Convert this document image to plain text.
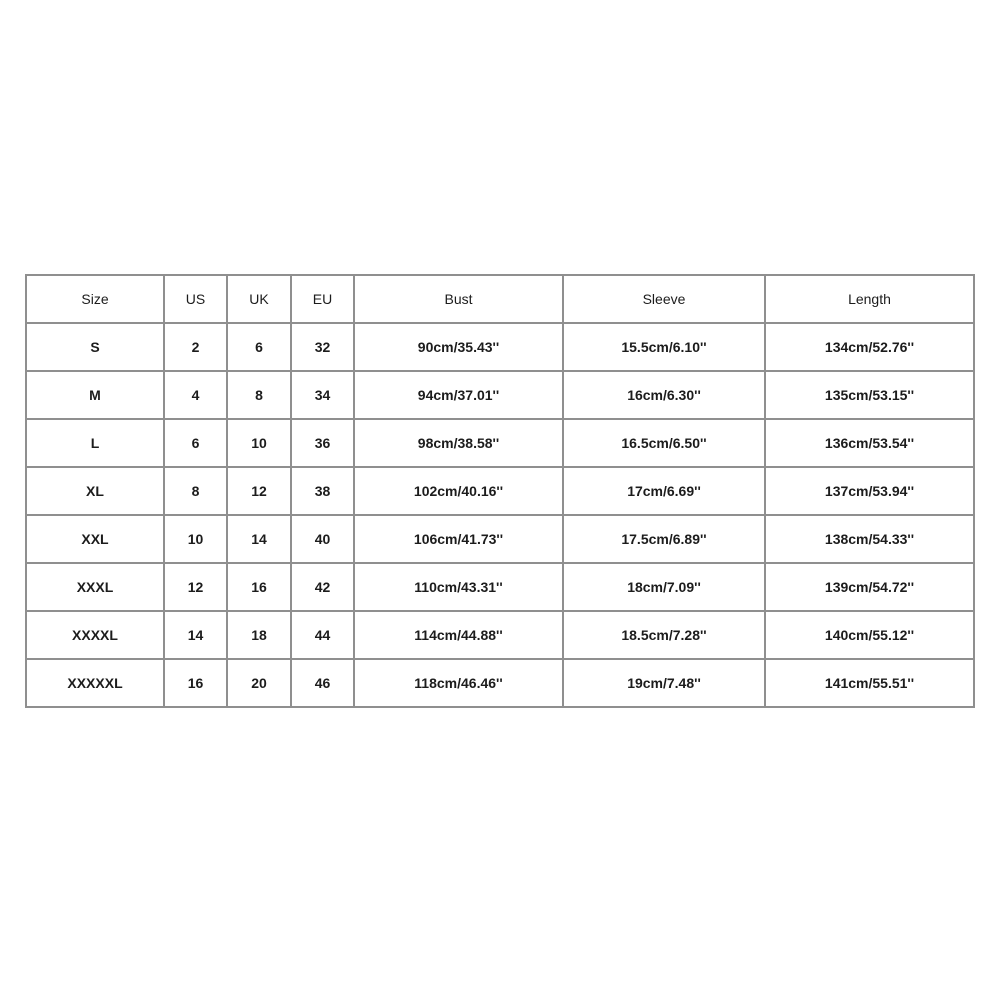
Size	US	UK	EU	Bust	Sleeve	Length
S	2	6	32	90cm/35.43''	15.5cm/6.10''	134cm/52.76''
M	4	8	34	94cm/37.01''	16cm/6.30''	135cm/53.15''
L	6	10	36	98cm/38.58''	16.5cm/6.50''	136cm/53.54''
XL	8	12	38	102cm/40.16''	17cm/6.69''	137cm/53.94''
XXL	10	14	40	106cm/41.73''	17.5cm/6.89''	138cm/54.33''
XXXL	12	16	42	110cm/43.31''	18cm/7.09''	139cm/54.72''
XXXXL	14	18	44	114cm/44.88''	18.5cm/7.28''	140cm/55.12''
XXXXXL	16	20	46	118cm/46.46''	19cm/7.48''	141cm/55.51''
